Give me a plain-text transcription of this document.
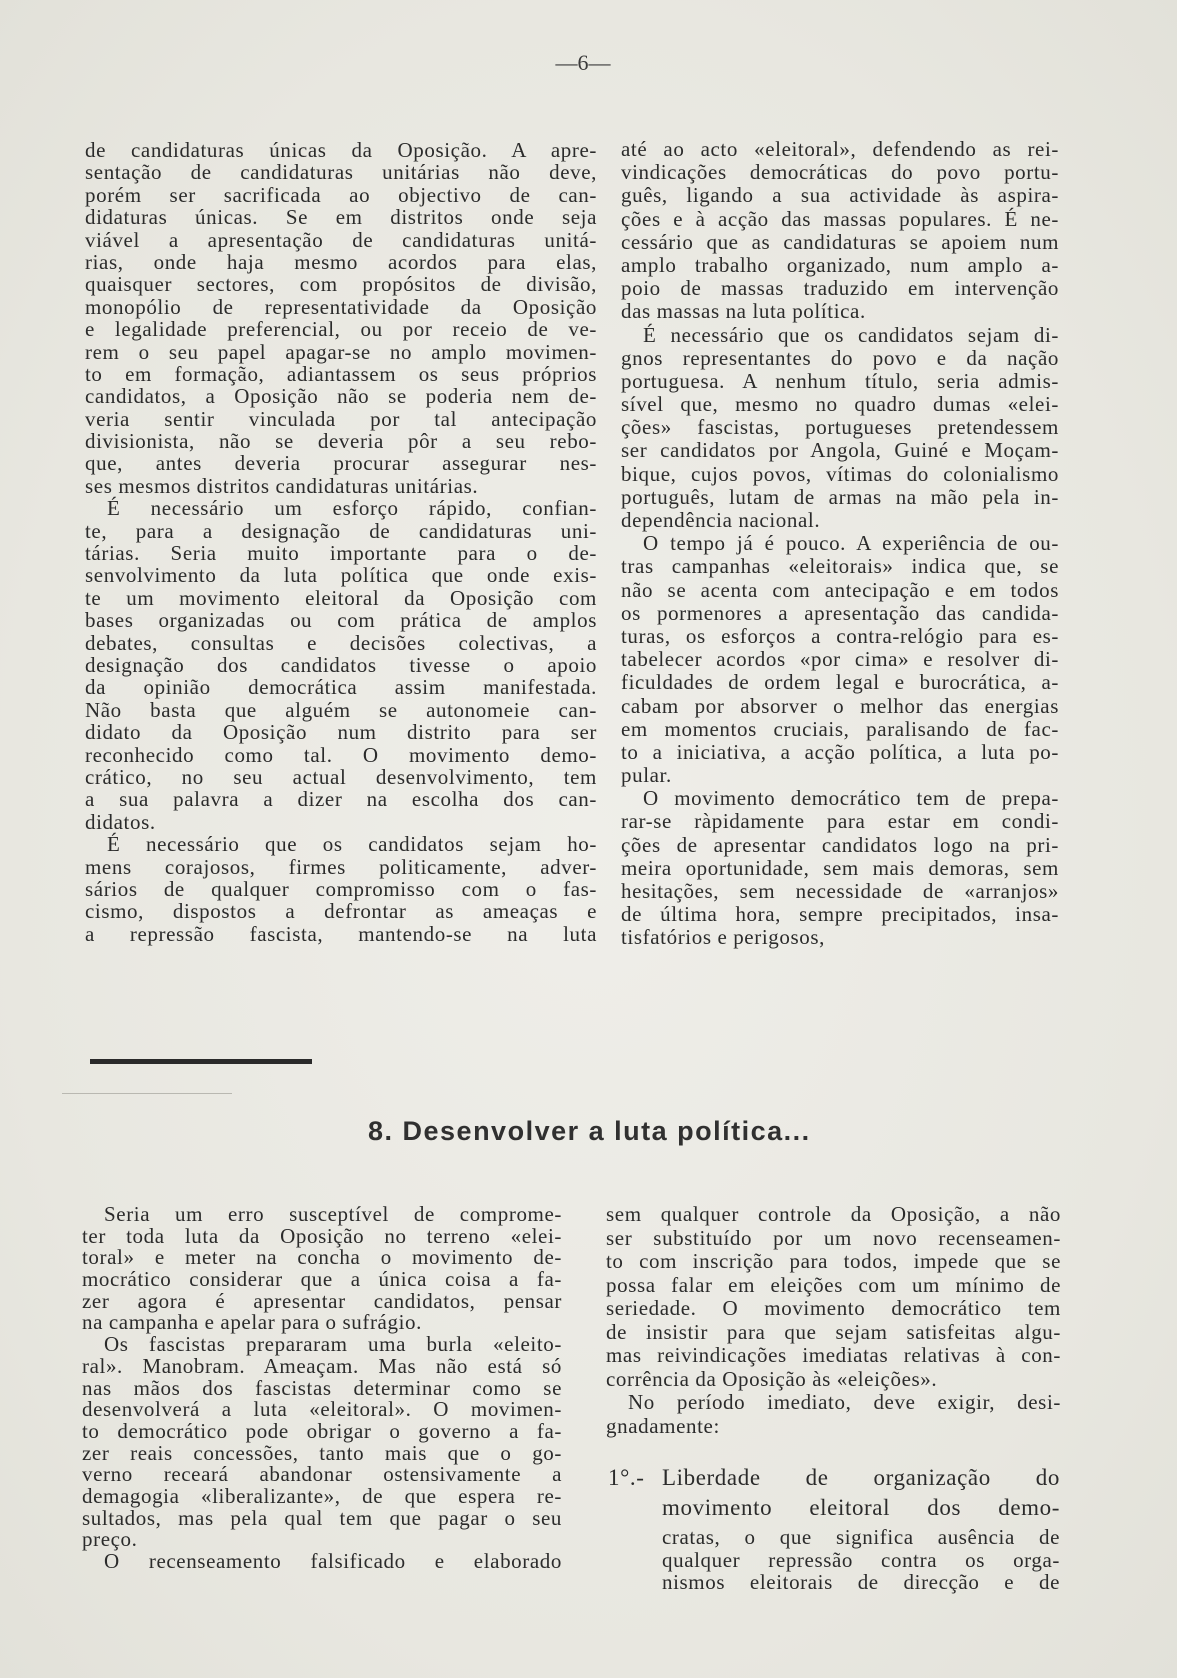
—6—
de candidaturas únicas da Oposição. A apre-
sentação de candidaturas unitárias não deve,
porém ser sacrificada ao objectivo de can-
didaturas únicas. Se em distritos onde seja
viável a apresentação de candidaturas unitá-
rias, onde haja mesmo acordos para elas,
quaisquer sectores, com propósitos de divisão,
monopólio de representatividade da Oposição
e legalidade preferencial, ou por receio de ve-
rem o seu papel apagar-se no amplo movimen-
to em formação, adiantassem os seus próprios
candidatos, a Oposição não se poderia nem de-
veria sentir vinculada por tal antecipação
divisionista, não se deveria pôr a seu rebo-
que, antes deveria procurar assegurar nes-
ses mesmos distritos candidaturas unitárias.
É necessário um esforço rápido, confian-
te, para a designação de candidaturas uni-
tárias. Seria muito importante para o de-
senvolvimento da luta política que onde exis-
te um movimento eleitoral da Oposição com
bases organizadas ou com prática de amplos
debates, consultas e decisões colectivas, a
designação dos candidatos tivesse o apoio
da opinião democrática assim manifestada.
Não basta que alguém se autonomeie can-
didato da Oposição num distrito para ser
reconhecido como tal. O movimento demo-
crático, no seu actual desenvolvimento, tem
a sua palavra a dizer na escolha dos can-
didatos.
É necessário que os candidatos sejam ho-
mens corajosos, firmes politicamente, adver-
sários de qualquer compromisso com o fas-
cismo, dispostos a defrontar as ameaças e
a repressão fascista, mantendo-se na luta
até ao acto «eleitoral», defendendo as rei-
vindicações democráticas do povo portu-
guês, ligando a sua actividade às aspira-
ções e à acção das massas populares. É ne-
cessário que as candidaturas se apoiem num
amplo trabalho organizado, num amplo a-
poio de massas traduzido em intervenção
das massas na luta política.
É necessário que os candidatos sejam di-
gnos representantes do povo e da nação
portuguesa. A nenhum título, seria admis-
sível que, mesmo no quadro dumas «elei-
ções» fascistas, portugueses pretendessem
ser candidatos por Angola, Guiné e Moçam-
bique, cujos povos, vítimas do colonialismo
português, lutam de armas na mão pela in-
dependência nacional.
O tempo já é pouco. A experiência de ou-
tras campanhas «eleitorais» indica que, se
não se acenta com antecipação e em todos
os pormenores a apresentação das candida-
turas, os esforços a contra-relógio para es-
tabelecer acordos «por cima» e resolver di-
ficuldades de ordem legal e burocrática, a-
cabam por absorver o melhor das energias
em momentos cruciais, paralisando de fac-
to a iniciativa, a acção política, a luta po-
pular.
O movimento democrático tem de prepa-
rar-se ràpidamente para estar em condi-
ções de apresentar candidatos logo na pri-
meira oportunidade, sem mais demoras, sem
hesitações, sem necessidade de «arranjos»
de última hora, sempre precipitados, insa-
tisfatórios e perigosos,
8. Desenvolver a luta política...
Seria um erro susceptível de comprome-
ter toda luta da Oposição no terreno «elei-
toral» e meter na concha o movimento de-
mocrático considerar que a única coisa a fa-
zer agora é apresentar candidatos, pensar
na campanha e apelar para o sufrágio.
Os fascistas prepararam uma burla «eleito-
ral». Manobram. Ameaçam. Mas não está só
nas mãos dos fascistas determinar como se
desenvolverá a luta «eleitoral». O movimen-
to democrático pode obrigar o governo a fa-
zer reais concessões, tanto mais que o go-
verno receará abandonar ostensivamente a
demagogia «liberalizante», de que espera re-
sultados, mas pela qual tem que pagar o seu
preço.
O recenseamento falsificado e elaborado
sem qualquer controle da Oposição, a não
ser substituído por um novo recenseamen-
to com inscrição para todos, impede que se
possa falar em eleições com um mínimo de
seriedade. O movimento democrático tem
de insistir para que sejam satisfeitas algu-
mas reivindicações imediatas relativas à con-
corrência da Oposição às «eleições».
No período imediato, deve exigir, desi-
gnadamente:
1°.- Liberdade de organização do
movimento eleitoral dos demo-
cratas, o que significa ausência de
qualquer repressão contra os orga-
nismos eleitorais de direcção e de
